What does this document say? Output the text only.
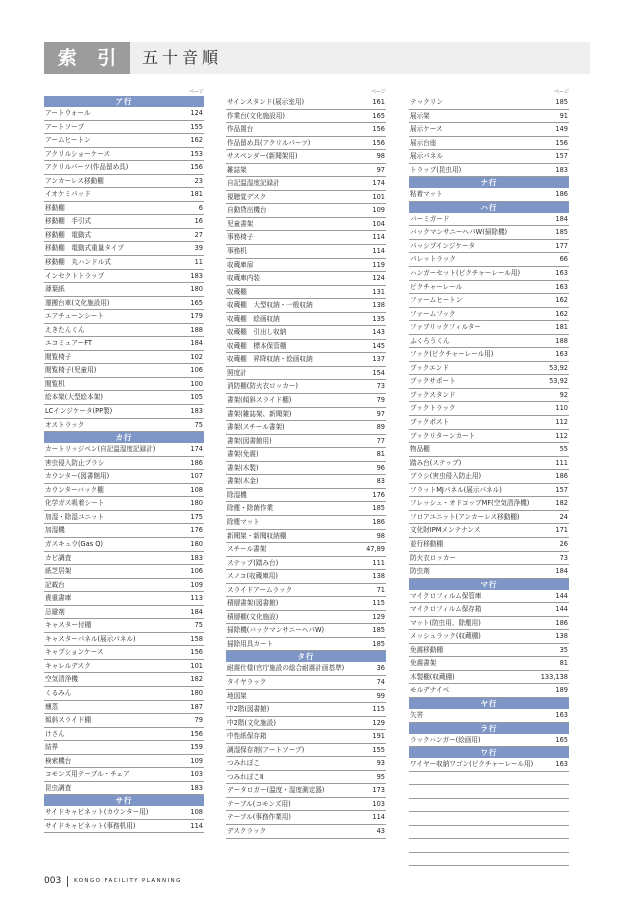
索 引	五十音順
ページ
ア行
アートウォール	124
アートソープ	155
アームヒートン	162
アクリルショーケース	153
アクリルパーツ(作品留め具)	156
アンカーレス移動棚	23
イオケミパッド	181
移動棚	6
移動棚　手引式	16
移動棚　電動式	27
移動棚　電動式重量タイプ	39
移動棚　丸ハンドル式	11
インセクトトラップ	183
薄葉紙	180
運搬台車(文化施設用)	165
エアチューンシート	179
えきたんくん	188
エコミュアーFT	184
閲覧椅子	102
閲覧椅子(児童用)	106
閲覧机	100
絵本架(大型絵本架)	105
LCインジケータ(PP製)	183
オストラック	75
カ行
カートリッジペン(自記温湿度記録計)	174
害虫侵入防止ブラシ	186
カウンター(図書館用)	107
カウンターバック棚	108
化学ガス吸着シート	180
加湿・除湿ユニット	175
加湿機	176
ガスキュウ(Gas Q)	180
カビ調査	183
紙芝居架	106
記載台	109
貴重書庫	113
忌避剤	184
キャスター付棚	75
キャスターパネル(展示パネル)	158
キャプションケース	156
キャレルデスク	101
空気清浄機	182
くるみん	180
燻蒸	187
傾斜スライド棚	79
けさん	156
結界	159
検索機台	109
コモンズ用テーブル・チェア	103
昆虫調査	183
サ行
サイドキャビネット(カウンター用)	108
サイドキャビネット(事務机用)	114
ページ
サインスタンド(展示室用)	161
作業台(文化施設用)	165
作品置台	156
作品留め具(アクリルパーツ)	156
サスペンダー(新聞架用)	98
雑誌架	97
自記温湿度記録計	174
視聴覚デスク	101
自動貸出機台	109
児童書架	104
事務椅子	114
事務机	114
収蔵庫扉	119
収蔵庫内装	124
収蔵棚	131
収蔵棚　大型収納・一般収納	138
収蔵棚　絵画収納	135
収蔵棚　引出し収納	143
収蔵棚　標本保管棚	145
収蔵棚　昇降収納・絵画収納	137
照度計	154
消防棚(防火衣ロッカー)	73
書架(傾斜スライド棚)	79
書架(雑誌架、新聞架)	97
書架(スチール書架)	89
書架(図書館用)	77
書架(免震)	81
書架(木製)	96
書架(木金)	83
除湿機	176
除塵・除菌作業	185
除塵マット	186
新聞架・新聞収納棚	98
スチール書架	47,89
ステップ(踏み台)	111
スノコ(収蔵庫用)	138
スライドアームラック	71
積層書架(図書館)	115
積層棚(文化施設)	129
掃除機(バックマンサニーヘパW)	185
掃除用具カート	185
タ行
耐震仕様(官庁施設の総合耐震計画基準)	36
タイヤラック	74
地図架	99
中2階(図書館)	115
中2階(文化施設)	129
中性紙保存箱	191
調湿保存剤(アートソープ)	155
つみれぽこ	93
つみれぽこⅡ	95
データロガー(温度・湿度測定器)	173
テーブル(コモンズ用)	103
テーブル(事務作業用)	114
デスクラック	43
ページ
テックリン	185
展示架	91
展示ケース	149
展示台座	156
展示パネル	157
トラップ(昆虫用)	183
ナ行
粘着マット	186
ハ行
バーミガード	184
バックマンサニーヘパW(掃除機)	185
パッシブインジケータ	177
パレットラック	66
ハンガーセット(ピクチャーレール用)	163
ピクチャーレール	163
ファームヒートン	162
ファームフック	162
ファブリックフィルター	181
ふくろうくん	188
フック(ピクチャーレール用)	163
ブックエンド	53,92
ブックサポート	53,92
ブックスタンド	92
ブックトラック	110
ブックポスト	112
ブックリターンカート	112
物品棚	55
踏み台(ステップ)	111
ブラシ(害虫侵入防止用)	186
フラットMJパネル(展示パネル)	157
フレッシュ・オドコップMF(空気清浄機)	182
フロアユニット(アンカーレス移動棚)	24
文化財IPMメンテナンス	171
並行移動棚	26
防火衣ロッカー	73
防虫剤	184
マ行
マイクロフィルム保管庫	144
マイクロフィルム保存箱	144
マット(防虫用、除塵用)	186
メッシュラック(収蔵棚)	138
免震移動棚	35
免震書架	81
木製棚(収蔵棚)	133,138
モルデナイベ	189
ヤ行
矢筈	163
ラ行
ラックハンガー(絵画用)	165
ワ行
ワイヤー収納ワゴン(ピクチャーレール用)	163
003 KONGO FACILITY PLANNING
